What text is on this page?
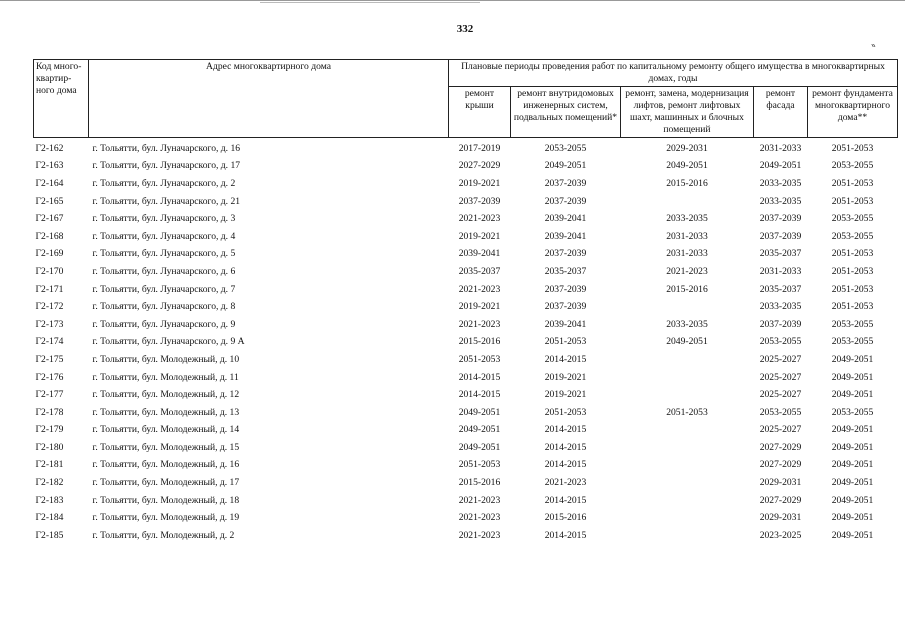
332
⸗
Код много-квартир-ного дома	Адрес многоквартирного дома	Плановые периоды проведения работ по капитальному ремонту общего имущества в многоквартирных домах, годы				
		ремонт крыши	ремонт внутридомовых инженерных систем, подвальных помещений*	ремонт, замена, модернизация лифтов, ремонт лифтовых шахт, машинных и блочных помещений	ремонт фасада	ремонт фундамента многоквартирного дома**
Г2-162	г. Тольятти, бул. Луначарского, д. 16	2017-2019	2053-2055	2029-2031	2031-2033	2051-2053
Г2-163	г. Тольятти, бул. Луначарского, д. 17	2027-2029	2049-2051	2049-2051	2049-2051	2053-2055
Г2-164	г. Тольятти, бул. Луначарского, д. 2	2019-2021	2037-2039	2015-2016	2033-2035	2051-2053
Г2-165	г. Тольятти, бул. Луначарского, д. 21	2037-2039	2037-2039		2033-2035	2051-2053
Г2-167	г. Тольятти, бул. Луначарского, д. 3	2021-2023	2039-2041	2033-2035	2037-2039	2053-2055
Г2-168	г. Тольятти, бул. Луначарского, д. 4	2019-2021	2039-2041	2031-2033	2037-2039	2053-2055
Г2-169	г. Тольятти, бул. Луначарского, д. 5	2039-2041	2037-2039	2031-2033	2035-2037	2051-2053
Г2-170	г. Тольятти, бул. Луначарского, д. 6	2035-2037	2035-2037	2021-2023	2031-2033	2051-2053
Г2-171	г. Тольятти, бул. Луначарского, д. 7	2021-2023	2037-2039	2015-2016	2035-2037	2051-2053
Г2-172	г. Тольятти, бул. Луначарского, д. 8	2019-2021	2037-2039		2033-2035	2051-2053
Г2-173	г. Тольятти, бул. Луначарского, д. 9	2021-2023	2039-2041	2033-2035	2037-2039	2053-2055
Г2-174	г. Тольятти, бул. Луначарского, д. 9 А	2015-2016	2051-2053	2049-2051	2053-2055	2053-2055
Г2-175	г. Тольятти, бул. Молодежный, д. 10	2051-2053	2014-2015		2025-2027	2049-2051
Г2-176	г. Тольятти, бул. Молодежный, д. 11	2014-2015	2019-2021		2025-2027	2049-2051
Г2-177	г. Тольятти, бул. Молодежный, д. 12	2014-2015	2019-2021		2025-2027	2049-2051
Г2-178	г. Тольятти, бул. Молодежный, д. 13	2049-2051	2051-2053	2051-2053	2053-2055	2053-2055
Г2-179	г. Тольятти, бул. Молодежный, д. 14	2049-2051	2014-2015		2025-2027	2049-2051
Г2-180	г. Тольятти, бул. Молодежный, д. 15	2049-2051	2014-2015		2027-2029	2049-2051
Г2-181	г. Тольятти, бул. Молодежный, д. 16	2051-2053	2014-2015		2027-2029	2049-2051
Г2-182	г. Тольятти, бул. Молодежный, д. 17	2015-2016	2021-2023		2029-2031	2049-2051
Г2-183	г. Тольятти, бул. Молодежный, д. 18	2021-2023	2014-2015		2027-2029	2049-2051
Г2-184	г. Тольятти, бул. Молодежный, д. 19	2021-2023	2015-2016		2029-2031	2049-2051
Г2-185	г. Тольятти, бул. Молодежный, д. 2	2021-2023	2014-2015		2023-2025	2049-2051
